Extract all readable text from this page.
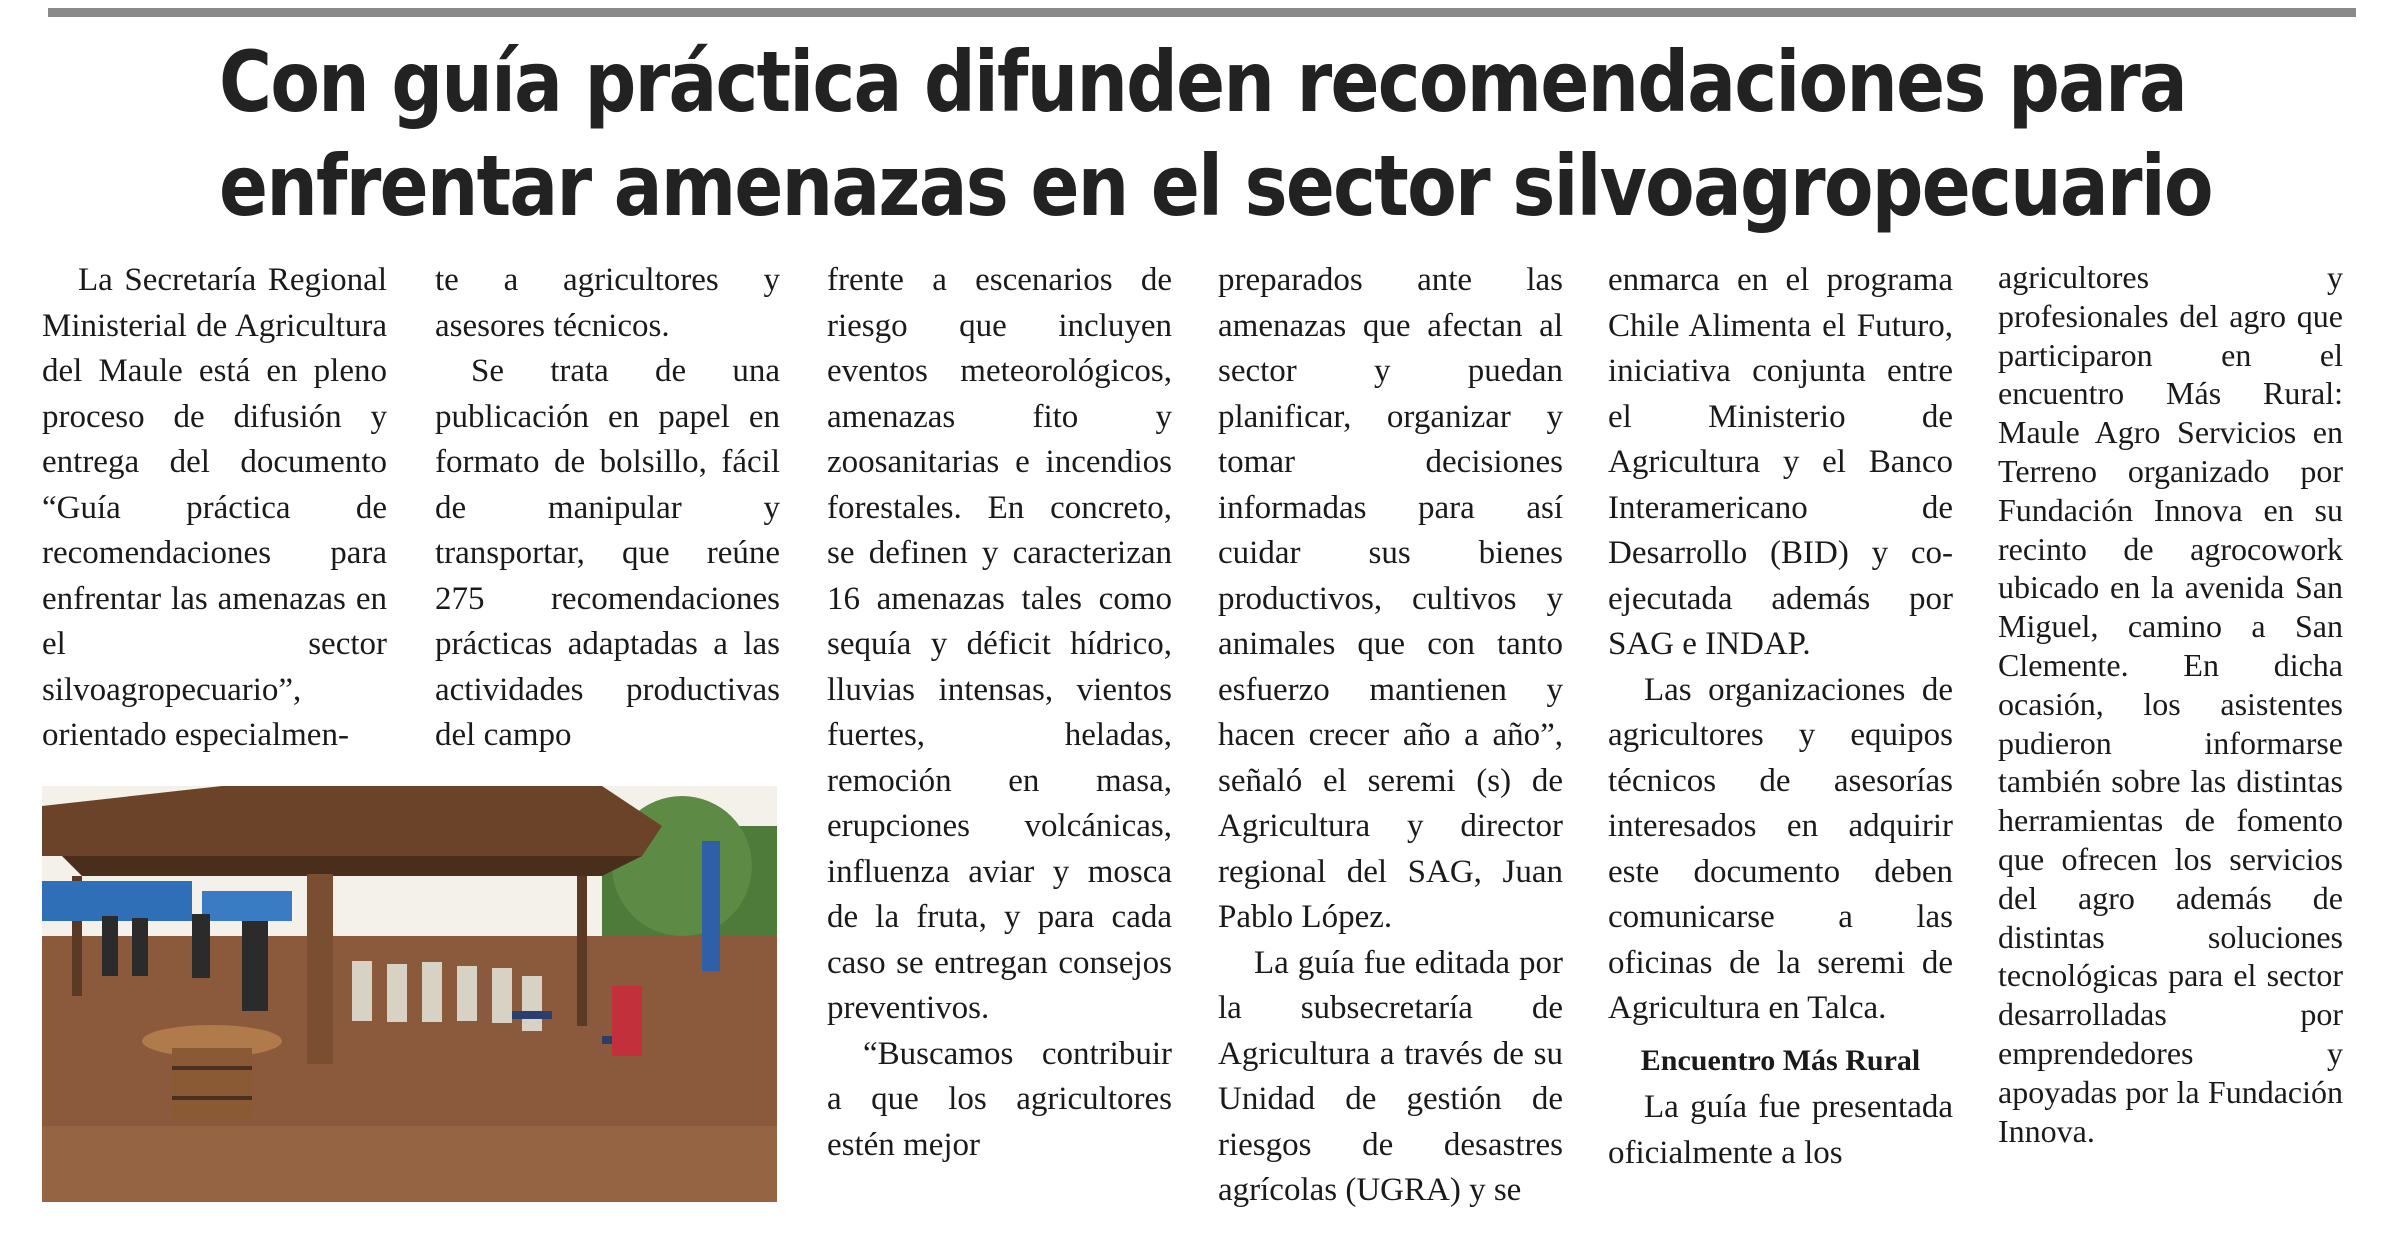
Con guía práctica difunden recomendaciones para
enfrentar amenazas en el sector silvoagropecuario

La Secretaría Regional Ministerial de Agricultura del Maule está en pleno proceso de difusión y entrega del documento “Guía práctica de recomendaciones para enfrentar las amenazas en el sector silvoagropecuario”, orientado especialmen-

te a agricultores y asesores técnicos.

Se trata de una publicación en papel en formato de bolsillo, fácil de manipular y transportar, que reúne 275 recomendaciones prácticas adaptadas a las actividades productivas del campo

frente a escenarios de riesgo que incluyen eventos meteorológicos, amenazas fito y zoosanitarias e incendios forestales. En concreto, se definen y caracterizan 16 amenazas tales como sequía y déficit hídrico, lluvias intensas, vientos fuertes, heladas, remoción en masa, erupciones volcánicas, influenza aviar y mosca de la fruta, y para cada caso se entregan consejos preventivos.

“Buscamos contribuir a que los agricultores estén mejor

preparados ante las amenazas que afectan al sector y puedan planificar, organizar y tomar decisiones informadas para así cuidar sus bienes productivos, cultivos y animales que con tanto esfuerzo mantienen y hacen crecer año a año”, señaló el seremi (s) de Agricultura y director regional del SAG, Juan Pablo López.

La guía fue editada por la subsecretaría de Agricultura a través de su Unidad de gestión de riesgos de desastres agrícolas (UGRA) y se

enmarca en el programa Chile Alimenta el Futuro, iniciativa conjunta entre el Ministerio de Agricultura y el Banco Interamericano de Desarrollo (BID) y co-ejecutada además por SAG e INDAP.

Las organizaciones de agricultores y equipos técnicos de asesorías interesados en adquirir este documento deben comunicarse a las oficinas de la seremi de Agricultura en Talca.

Encuentro Más Rural

La guía fue presentada oficialmente a los

agricultores y profesionales del agro que participaron en el encuentro Más Rural: Maule Agro Servicios en Terreno organizado por Fundación Innova en su recinto de agrocowork ubicado en la avenida San Miguel, camino a San Clemente. En dicha ocasión, los asistentes pudieron informarse también sobre las distintas herramientas de fomento que ofrecen los servicios del agro además de distintas soluciones tecnológicas para el sector desarrolladas por emprendedores y apoyadas por la Fundación Innova.
